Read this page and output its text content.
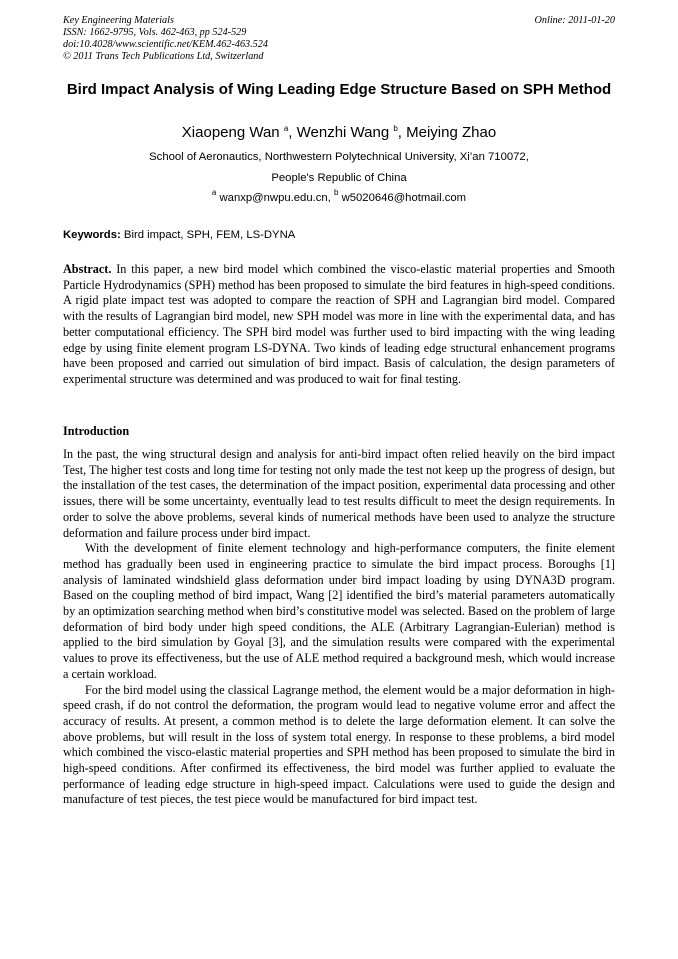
Key Engineering Materials
ISSN: 1662-9795, Vols. 462-463, pp 524-529
doi:10.4028/www.scientific.net/KEM.462-463.524
© 2011 Trans Tech Publications Ltd, Switzerland
Online: 2011-01-20
Bird Impact Analysis of Wing Leading Edge Structure Based on SPH Method
Xiaopeng Wan $^a$, Wenzhi Wang $^b$, Meiying Zhao
School of Aeronautics, Northwestern Polytechnical University, Xi’an 710072,
People's Republic of China
$^a$ wanxp@nwpu.edu.cn, $^b$ w5020646@hotmail.com
Keywords: Bird impact, SPH, FEM, LS-DYNA

Abstract. In this paper, a new bird model which combined the visco-elastic material properties and Smooth Particle Hydrodynamics (SPH) method has been proposed to simulate the bird features in high-speed conditions. A rigid plate impact test was adopted to compare the reaction of SPH and Lagrangian bird model. Compared with the results of Lagrangian bird model, new SPH model was more in line with the experimental data, and has better computational efficiency. The SPH bird model was further used to bird impacting with the wing leading edge by using finite element program LS-DYNA. Two kinds of leading edge structural enhancement programs have been proposed and carried out simulation of bird impact. Basis of calculation, the design parameters of experimental structure was determined and was produced to wait for final testing.

Introduction

In the past, the wing structural design and analysis for anti-bird impact often relied heavily on the bird impact Test, The higher test costs and long time for testing not only made the test not keep up the progress of design, but the installation of the test cases, the determination of the impact position, experimental data processing and other issues, there will be some uncertainty, eventually lead to test results difficult to meet the design requirements. In order to solve the above problems, several kinds of numerical methods have been used to analyze the structure deformation and failure process under bird impact.

With the development of finite element technology and high-performance computers, the finite element method has gradually been used in engineering practice to simulate the bird impact process. Boroughs [1] analysis of laminated windshield glass deformation under bird impact loading by using DYNA3D program. Based on the coupling method of bird impact, Wang [2] identified the bird’s material parameters automatically by an optimization searching method when bird’s constitutive model was selected. Based on the problem of large deformation of bird body under high speed conditions, the ALE (Arbitrary Lagrangian-Eulerian) method is applied to the bird simulation by Goyal [3], and the simulation results were compared with the experimental values to prove its effectiveness, but the use of ALE method required a background mesh, which would increase a certain workload.

For the bird model using the classical Lagrange method, the element would be a major deformation in high-speed crash, if do not control the deformation, the program would lead to negative volume error and affect the accuracy of results. At present, a common method is to delete the large deformation element. It can solve the above problems, but will result in the loss of system total energy. In response to these problems, a bird model which combined the visco-elastic material properties and SPH method has been proposed to simulate the bird in high-speed conditions. After confirmed its effectiveness, the bird model was further applied to evaluate the performance of leading edge structure in high-speed impact. Calculations were used to guide the design and manufacture of test pieces, the test piece would be manufactured for bird impact test.
